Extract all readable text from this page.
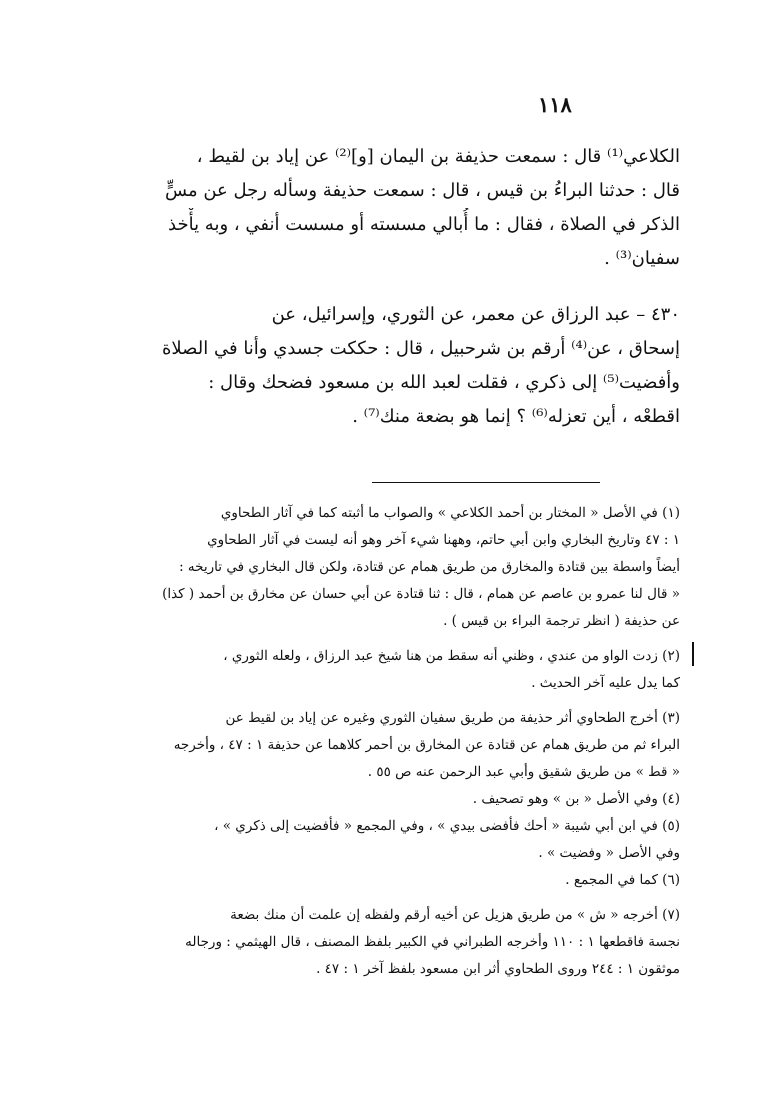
١١٨
الكلاعي⁽¹⁾ قال : سمعت حذيفة بن اليمان [و]⁽²⁾ عن إياد بن لقيط ،
قال : حدثنا البراءُ بن قيس ، قال : سمعت حذيفة وسأله رجل عن مسٍّ
الذكر في الصلاة ، فقال : ما أُبالي مسسته أو مسست أنفي ، وبه يأْخذ
سفيان⁽³⁾ .
٤٣٠ – عبد الرزاق عن معمر، عن الثوري، وإسرائيل، عن
إسحاق ، عن⁽⁴⁾ أرقم بن شرحبيل ، قال : حككت جسدي وأنا في الصلاة
وأفضيت⁽⁵⁾ إلى ذكري ، فقلت لعبد الله بن مسعود فضحك وقال :
اقطعْه ، أين تعزله⁽⁶⁾ ؟ إنما هو بضعة منك⁽⁷⁾ .
(١) في الأصل « المختار بن أحمد الكلاعي » والصواب ما أثبته كما في آثار الطحاوي
١ : ٤٧ وتاريخ البخاري وابن أبي حاتم، وههنا شيء آخر وهو أنه ليست في آثار الطحاوي
أيضاً واسطة بين قتادة والمخارق من طريق همام عن قتادة، ولكن قال البخاري في تاريخه :
« قال لنا عمرو بن عاصم عن همام ، قال : ثنا قتادة عن أبي حسان عن مخارق بن أحمد ( كذا)
عن حذيفة ( انظر ترجمة البراء بن قيس ) .
(٢) زدت الواو من عندي ، وظني أنه سقط من هنا شيخ عبد الرزاق ، ولعله الثوري ،
كما يدل عليه آخر الحديث .
(٣) أخرج الطحاوي أثر حذيفة من طريق سفيان الثوري وغيره عن إياد بن لقيط عن
البراء ثم من طريق همام عن قتادة عن المخارق بن أحمر كلاهما عن حذيفة ١ : ٤٧ ، وأخرجه
« قط » من طريق شقيق وأبي عبد الرحمن عنه ص ٥٥ .
(٤) وفي الأصل « بن » وهو تصحيف .
(٥) في ابن أبي شيبة « أحك فأفضى بيدي » ، وفي المجمع « فأفضيت إلى ذكري » ،
وفي الأصل « وفضيت » .
(٦) كما في المجمع .
(٧) أخرجه « ش » من طريق هزيل عن أخيه أرقم ولفظه إن علمت أن منك بضعة
نجسة فاقطعها ١ : ١١٠ وأخرجه الطبراني في الكبير بلفظ المصنف ، قال الهيثمي : ورجاله
موثقون ١ : ٢٤٤ وروى الطحاوي أثر ابن مسعود بلفظ آخر ١ : ٤٧ .
